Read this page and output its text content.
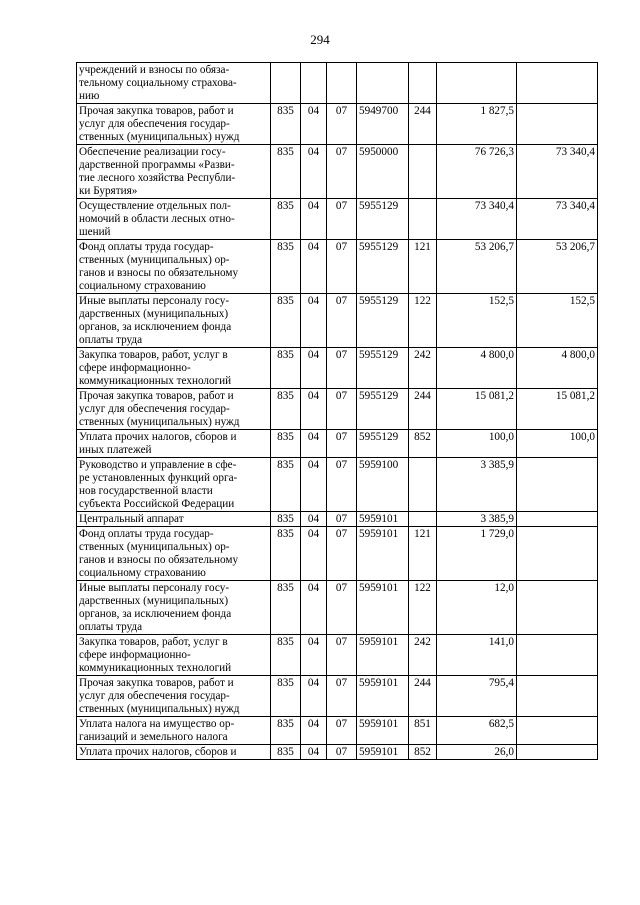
294
учреждений и взносы по обяза-
тельному социальному страхова-
нию							
Прочая закупка товаров, работ и
услуг для обеспечения государ-
ственных (муниципальных) нужд	835	04	07	5949700	244	1 827,5	
Обеспечение реализации госу-
дарственной программы «Разви-
тие лесного хозяйства Республи-
ки Бурятия»	835	04	07	5950000		76 726,3	73 340,4
Осуществление отдельных пол-
номочий в области лесных отно-
шений	835	04	07	5955129		73 340,4	73 340,4
Фонд оплаты труда государ-
ственных (муниципальных) ор-
ганов и взносы по обязательному
социальному страхованию	835	04	07	5955129	121	53 206,7	53 206,7
Иные выплаты персоналу госу-
дарственных (муниципальных)
органов, за исключением фонда
оплаты труда	835	04	07	5955129	122	152,5	152,5
Закупка товаров, работ, услуг в
сфере информационно-
коммуникационных технологий	835	04	07	5955129	242	4 800,0	4 800,0
Прочая закупка товаров, работ и
услуг для обеспечения государ-
ственных (муниципальных) нужд	835	04	07	5955129	244	15 081,2	15 081,2
Уплата прочих налогов, сборов и
иных платежей	835	04	07	5955129	852	100,0	100,0
Руководство и управление в сфе-
ре установленных функций орга-
нов государственной власти
субъекта Российской Федерации	835	04	07	5959100		3 385,9	
Центральный аппарат	835	04	07	5959101		3 385,9	
Фонд оплаты труда государ-
ственных (муниципальных) ор-
ганов и взносы по обязательному
социальному страхованию	835	04	07	5959101	121	1 729,0	
Иные выплаты персоналу госу-
дарственных (муниципальных)
органов, за исключением фонда
оплаты труда	835	04	07	5959101	122	12,0	
Закупка товаров, работ, услуг в
сфере информационно-
коммуникационных технологий	835	04	07	5959101	242	141,0	
Прочая закупка товаров, работ и
услуг для обеспечения государ-
ственных (муниципальных) нужд	835	04	07	5959101	244	795,4	
Уплата налога на имущество ор-
ганизаций и земельного налога	835	04	07	5959101	851	682,5	
Уплата прочих налогов, сборов и	835	04	07	5959101	852	26,0	
